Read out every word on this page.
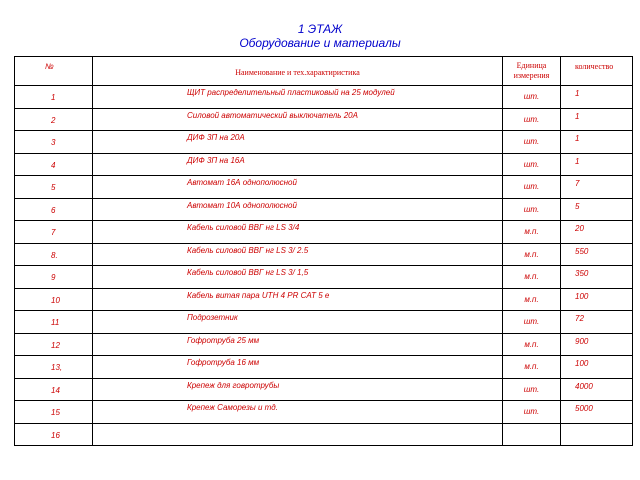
1 ЭТАЖ
Оборудование и материалы
№	Наименование и тех.характиристика	Единица измерения	количество

1	ЩИТ распределительный пластиковый на 25 модулей	шт.	1

2	Силовой автоматический выключатель 20А	шт.	1

3	ДИФ 3П на 20А	шт.	1

4	ДИФ 3П на 16А	шт.	1

5	Автомат 16А однополюсной	шт.	7

6	Автомат 10А однополюсной	шт.	5

7	Кабель силовой ВВГ нг LS 3/4	м.п.	20

8.	Кабель силовой ВВГ нг LS 3/ 2.5	м.п.	550

9	Кабель силовой ВВГ нг LS 3/ 1,5	м.п.	350

10	Кабель витая пара UTH 4 PR CAT 5 е	м.п.	100

11	Подрозетник	шт.	72

12	Гофротруба 25 мм	м.п.	900

13,	Гофротруба 16 мм	м.п.	100

14	Крепеж для говротрубы	шт.	4000

15	Крепеж Саморезы и тд.	шт.	5000

16			
